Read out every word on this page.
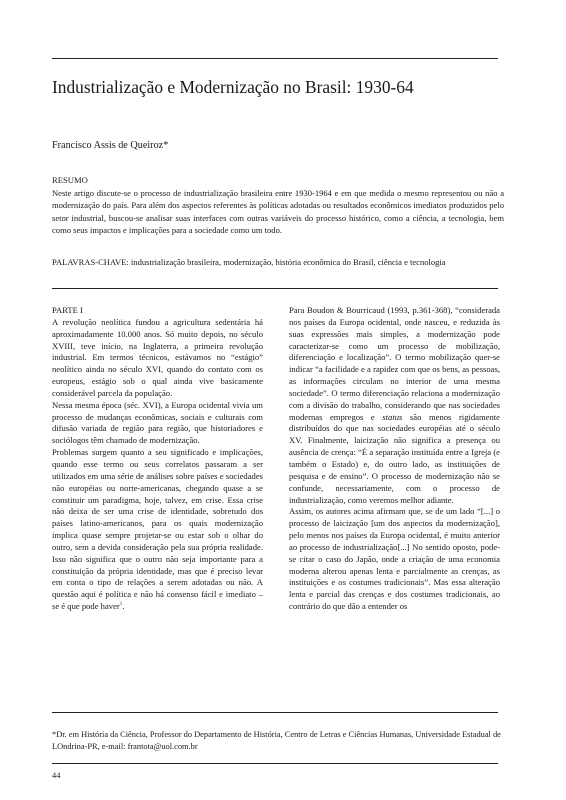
Industrialização e Modernização no Brasil: 1930-64
Francisco Assis de Queiroz*
RESUMO
Neste artigo discute-se o processo de industrialização brasileira entre 1930-1964 e em que medida o mesmo representou ou não a modernização do país. Para além dos aspectos referentes às políticas adotadas ou resultados econômicos imediatos produzidos pelo setor industrial, buscou-se analisar suas interfaces com outras variáveis do processo histórico, como a ciência, a tecnologia, bem como seus impactos e implicações para a sociedade como um todo.
PALAVRAS-CHAVE: industrialização brasileira, modernização, história econômica do Brasil, ciência e tecnologia
PARTE I

A revolução neolítica fundou a agricultura sedentária há aproximadamente 10.000 anos. Só muito depois, no século XVIII, teve início, na Inglaterra, a primeira revolução industrial. Em termos técnicos, estávamos no “estágio” neolítico ainda no século XVI, quando do contato com os europeus, estágio sob o qual ainda vive basicamente considerável parcela da população.

Nessa mesma época (séc. XVI), a Europa ocidental vivia um processo de mudanças econômicas, sociais e culturais com difusão variada de região para região, que historiadores e sociólogos têm chamado de modernização.

Problemas surgem quanto a seu significado e implicações, quando esse termo ou seus correlatos passaram a ser utilizados em uma série de análises sobre países e sociedades não européias ou norte-americanas, chegando quase a se constituir um paradigma, hoje, talvez, em crise. Essa crise não deixa de ser uma crise de identidade, sobretudo dos países latino-americanos, para os quais modernização implica quase sempre projetar-se ou estar sob o olhar do outro, sem a devida consideração pela sua própria realidade. Isso não significa que o outro não seja importante para a constituição da própria identidade, mas que é preciso levar em conta o tipo de relações a serem adotadas ou não. A questão aqui é política e não há consenso fácil e imediato – se é que pode haver$^1$.

Para Boudon & Bourricaud (1993, p.361-368), “considerada nos países da Europa ocidental, onde nasceu, e reduzida às suas expressões mais simples, a modernização pode caracterizar-se como um processo de mobilização, diferenciação e localização”. O termo mobilização quer-se indicar “a facilidade e a rapidez com que os bens, as pessoas, as informações circulam no interior de uma mesma sociedade”. O termo diferenciação relaciona a modernização com a divisão do trabalho, considerando que nas sociedades modernas empregos e status são menos rigidamente distribuídos do que nas sociedades européias até o século XV. Finalmente, laicização não significa a presença ou ausência de crença: “É a separação instituída entre a Igreja (e também o Estado) e, do outro lado, as instituições de pesquisa e de ensino”. O processo de modernização não se confunde, necessariamente, com o processo de industrialização, como veremos melhor adiante.

Assim, os autores acima afirmam que, se de um lado “[...] o processo de laicização [um dos aspectos da modernização], pelo menos nos países da Europa ocidental, é muito anterior ao processo de industrialização[...] No sentido oposto, pode-se citar o caso do Japão, onde a criação de uma economia moderna alterou apenas lenta e parcialmente as crenças, as instituições e os costumes tradicionais”. Mas essa alteração lenta e parcial das crenças e dos costumes tradicionais, ao contrário do que dão a entender os

*Dr. em História da Ciência, Professor do Departamento de História, Centro de Letras e Ciências Humanas, Universidade Estadual de LOndrina-PR, e-mail: frantota@uol.com.br
44
